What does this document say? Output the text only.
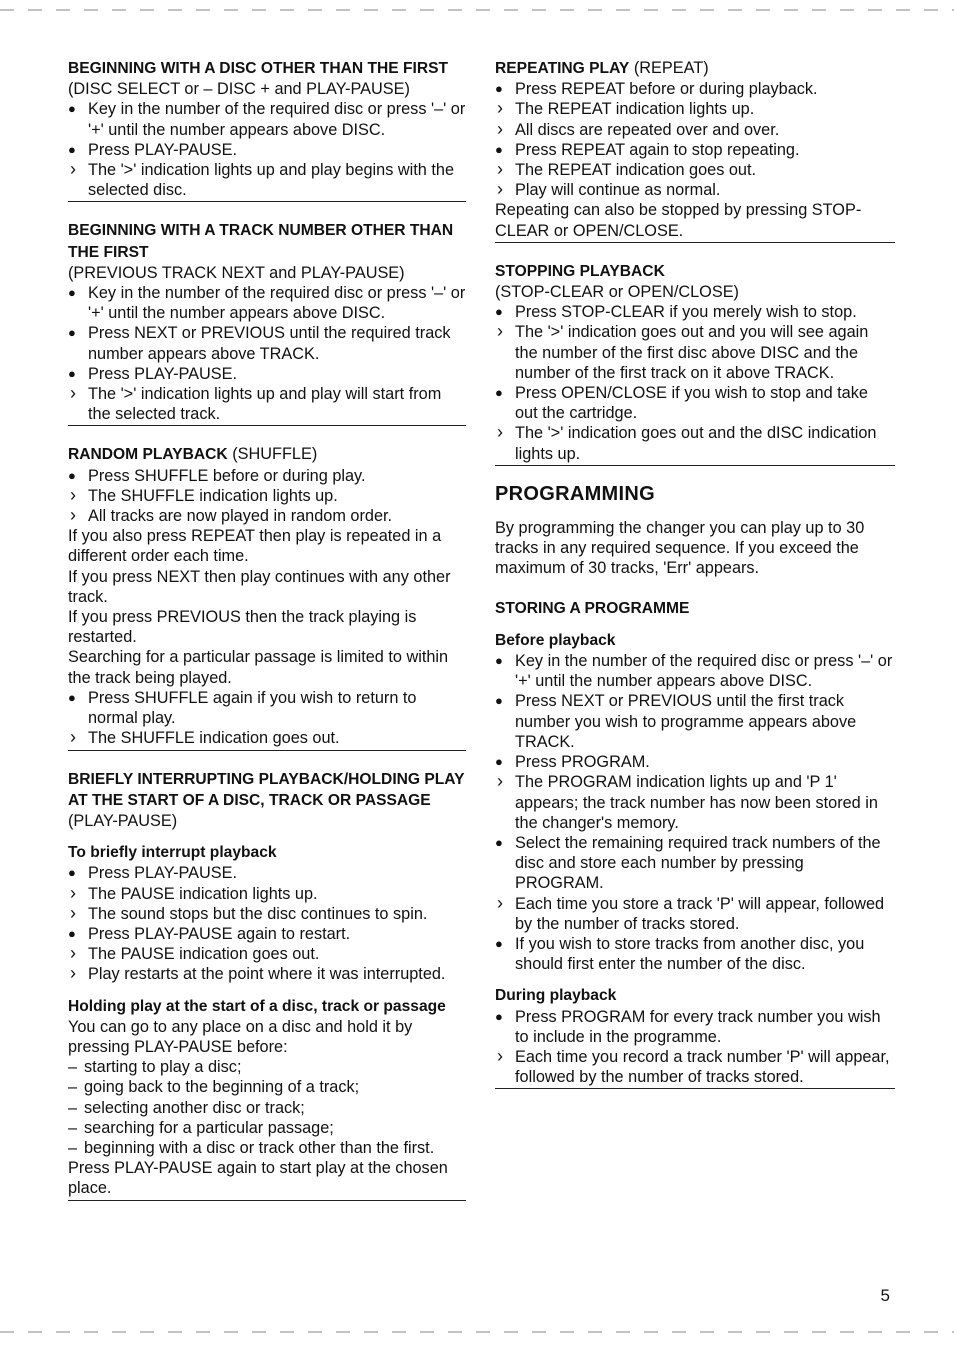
BEGINNING WITH A DISC OTHER THAN THE FIRST (DISC SELECT or – DISC + and PLAY-PAUSE)
● Key in the number of the required disc or press '–' or '+' until the number appears above DISC.
● Press PLAY-PAUSE.
› The '>' indication lights up and play begins with the selected disc.
BEGINNING WITH A TRACK NUMBER OTHER THAN THE FIRST
(PREVIOUS TRACK NEXT and PLAY-PAUSE)
● Key in the number of the required disc or press '–' or '+' until the number appears above DISC.
● Press NEXT or PREVIOUS until the required track number appears above TRACK.
● Press PLAY-PAUSE.
› The '>' indication lights up and play will start from the selected track.
RANDOM PLAYBACK (SHUFFLE)
● Press SHUFFLE before or during play.
› The SHUFFLE indication lights up.
› All tracks are now played in random order.
If you also press REPEAT then play is repeated in a different order each time.
If you press NEXT then play continues with any other track.
If you press PREVIOUS then the track playing is restarted.
Searching for a particular passage is limited to within the track being played.
● Press SHUFFLE again if you wish to return to normal play.
› The SHUFFLE indication goes out.
BRIEFLY INTERRUPTING PLAYBACK/HOLDING PLAY AT THE START OF A DISC, TRACK OR PASSAGE (PLAY-PAUSE)
To briefly interrupt playback
● Press PLAY-PAUSE.
› The PAUSE indication lights up.
› The sound stops but the disc continues to spin.
● Press PLAY-PAUSE again to restart.
› The PAUSE indication goes out.
› Play restarts at the point where it was interrupted.
Holding play at the start of a disc, track or passage
You can go to any place on a disc and hold it by pressing PLAY-PAUSE before:
– starting to play a disc;
– going back to the beginning of a track;
– selecting another disc or track;
– searching for a particular passage;
– beginning with a disc or track other than the first.
Press PLAY-PAUSE again to start play at the chosen place.
REPEATING PLAY (REPEAT)
● Press REPEAT before or during playback.
› The REPEAT indication lights up.
› All discs are repeated over and over.
● Press REPEAT again to stop repeating.
› The REPEAT indication goes out.
› Play will continue as normal.
Repeating can also be stopped by pressing STOP-CLEAR or OPEN/CLOSE.
STOPPING PLAYBACK
(STOP-CLEAR or OPEN/CLOSE)
● Press STOP-CLEAR if you merely wish to stop.
› The '>' indication goes out and you will see again the number of the first disc above DISC and the number of the first track on it above TRACK.
● Press OPEN/CLOSE if you wish to stop and take out the cartridge.
› The '>' indication goes out and the dISC indication lights up.
PROGRAMMING
By programming the changer you can play up to 30 tracks in any required sequence. If you exceed the maximum of 30 tracks, 'Err' appears.
STORING A PROGRAMME
Before playback
● Key in the number of the required disc or press '–' or '+' until the number appears above DISC.
● Press NEXT or PREVIOUS until the first track number you wish to programme appears above TRACK.
● Press PROGRAM.
› The PROGRAM indication lights up and 'P 1' appears; the track number has now been stored in the changer's memory.
● Select the remaining required track numbers of the disc and store each number by pressing PROGRAM.
› Each time you store a track 'P' will appear, followed by the number of tracks stored.
● If you wish to store tracks from another disc, you should first enter the number of the disc.
During playback
● Press PROGRAM for every track number you wish to include in the programme.
› Each time you record a track number 'P' will appear, followed by the number of tracks stored.
5
